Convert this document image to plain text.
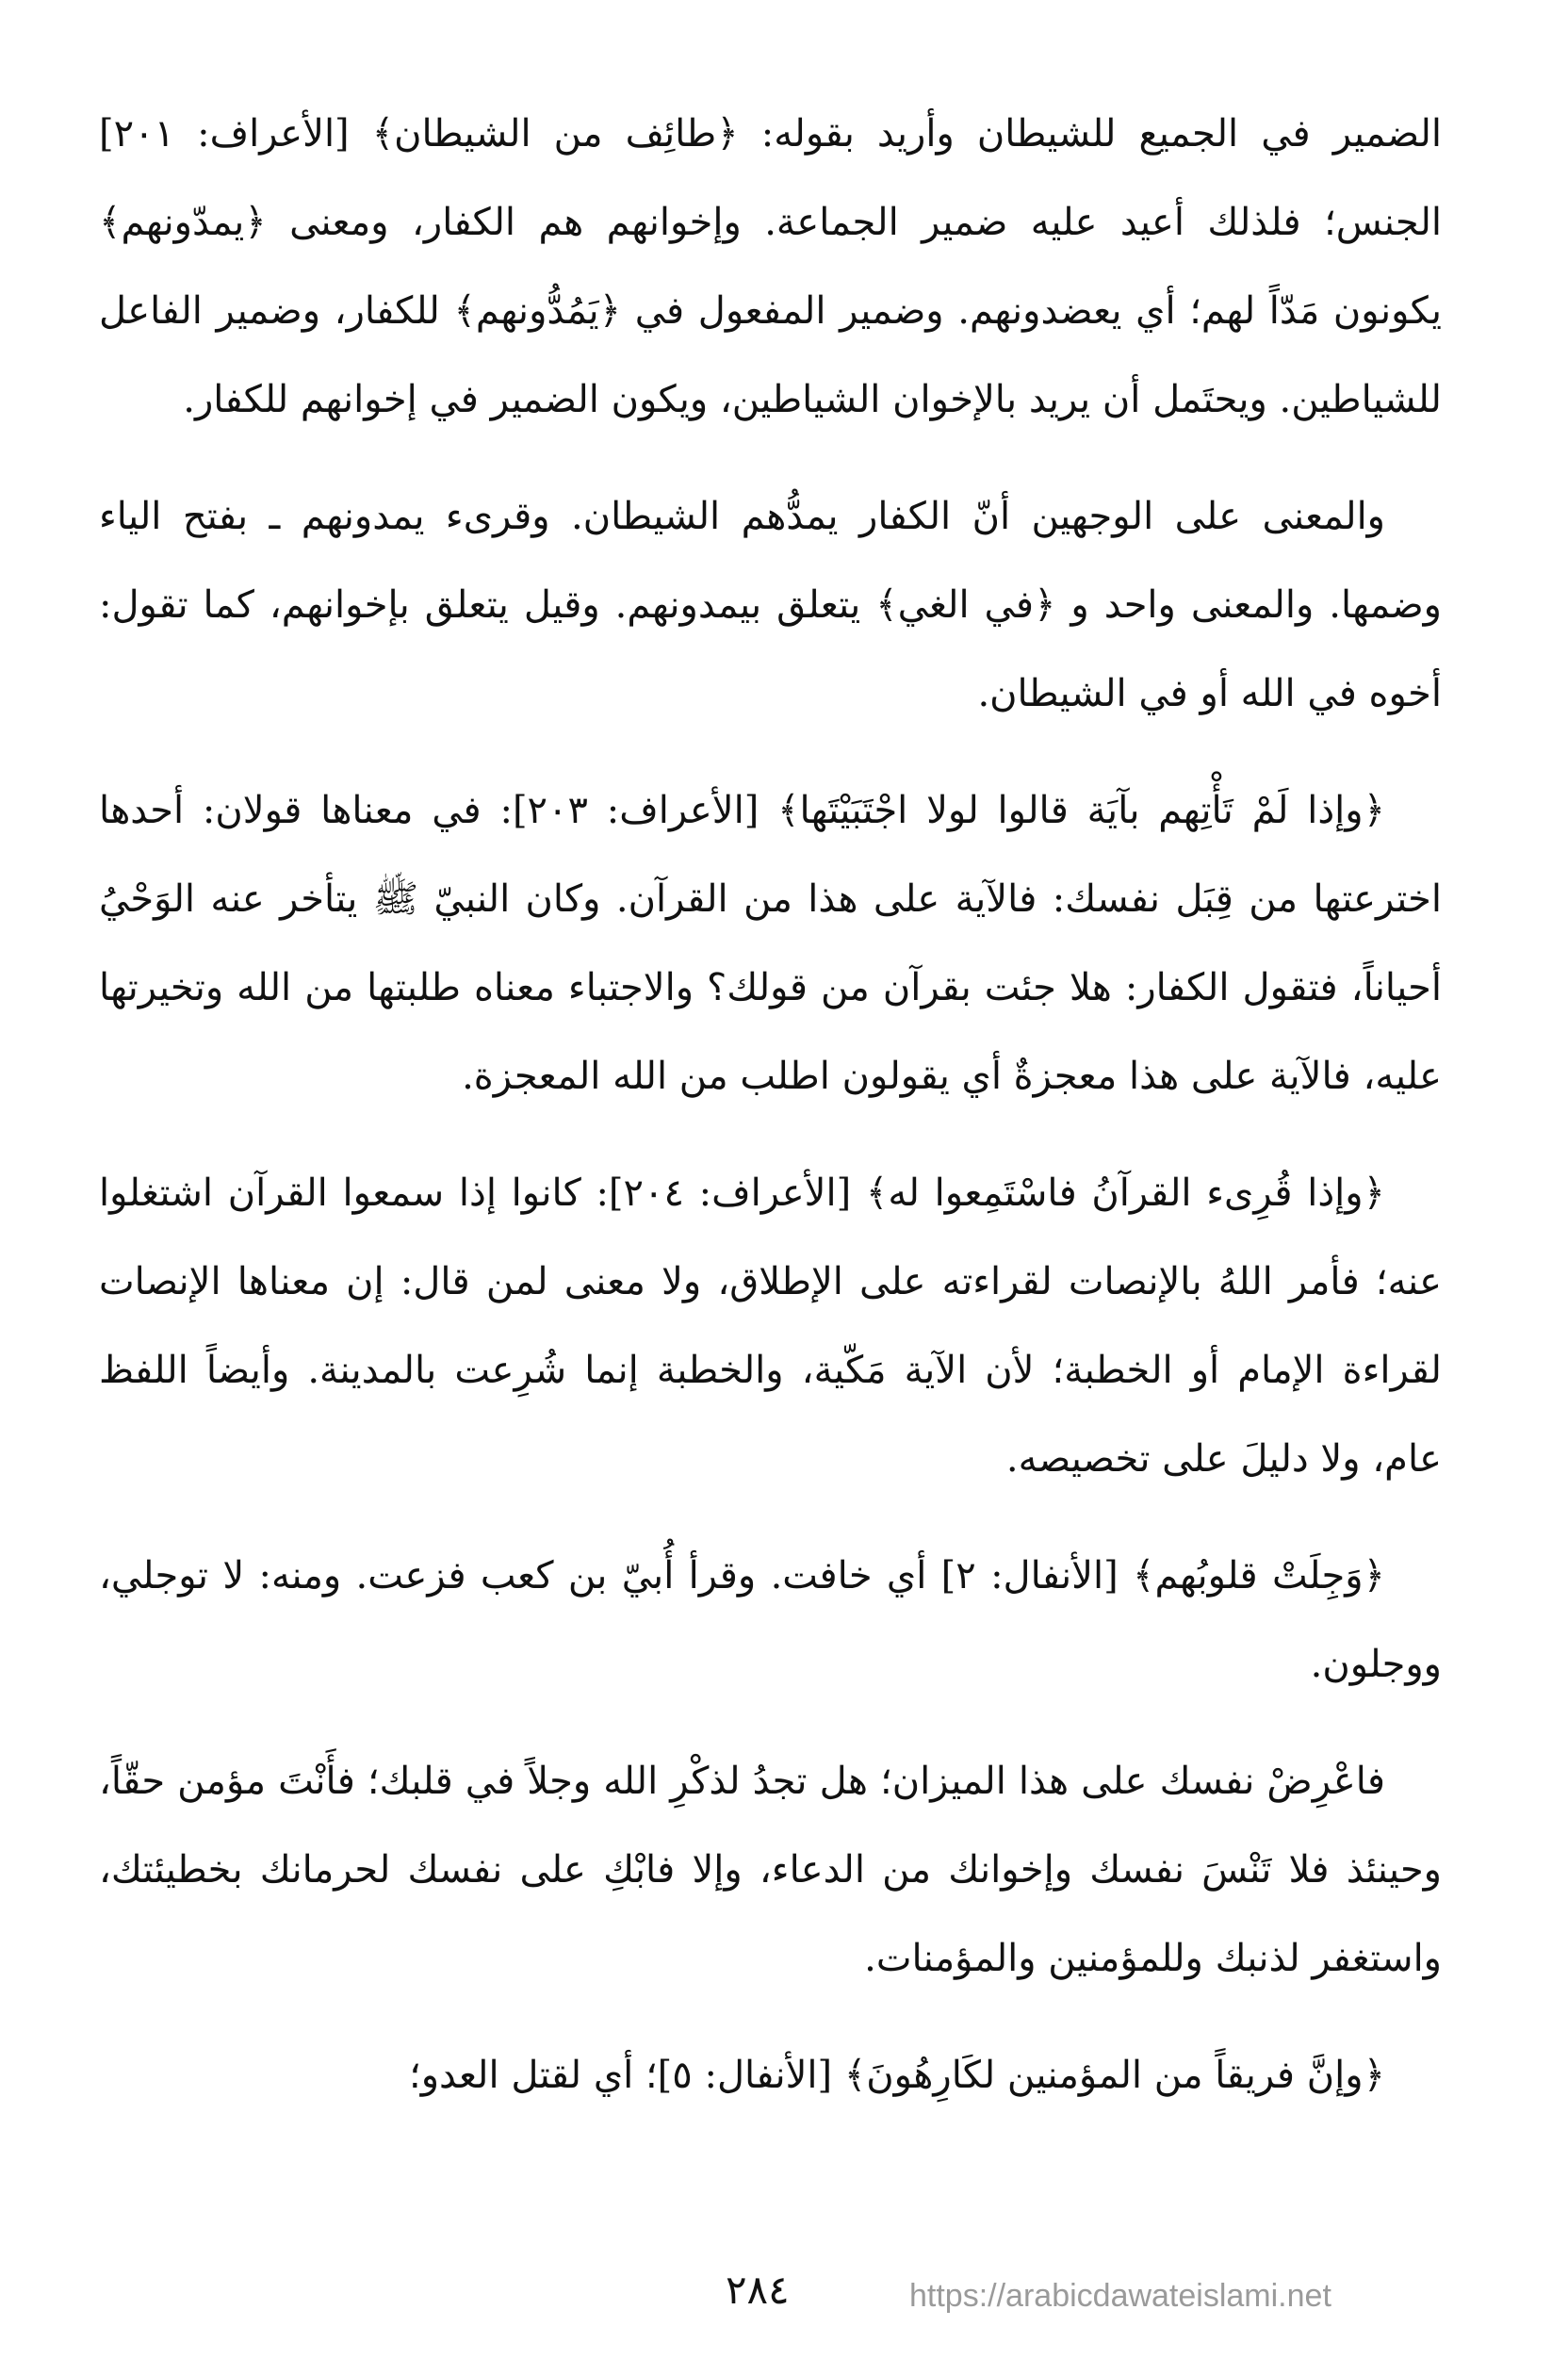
الضمير في الجميع للشيطان وأريد بقوله: ﴿طائِف من الشيطان﴾ [الأعراف: ٢٠١] الجنس؛ فلذلك أعيد عليه ضمير الجماعة. وإخوانهم هم الكفار، ومعنى ﴿يمدّونهم﴾ يكونون مَدّاً لهم؛ أي يعضدونهم. وضمير المفعول في ﴿يَمُدُّونهم﴾ للكفار، وضمير الفاعل للشياطين. ويحتَمل أن يريد بالإخوان الشياطين، ويكون الضمير في إخوانهم للكفار.

والمعنى على الوجهين أنّ الكفار يمدُّهم الشيطان. وقرىء يمدونهم ـ بفتح الياء وضمها. والمعنى واحد و ﴿في الغي﴾ يتعلق بيمدونهم. وقيل يتعلق بإخوانهم، كما تقول: أخوه في الله أو في الشيطان.

﴿وإذا لَمْ تَأْتِهم بآيَة قالوا لولا اجْتَبَيْتَها﴾ [الأعراف: ٢٠٣]: في معناها قولان: أحدها اخترعتها من قِبَل نفسك: فالآية على هذا من القرآن. وكان النبيّ ﷺ يتأخر عنه الوَحْيُ أحياناً، فتقول الكفار: هلا جئت بقرآن من قولك؟ والاجتباء معناه طلبتها من الله وتخيرتها عليه، فالآية على هذا معجزةٌ أي يقولون اطلب من الله المعجزة.

﴿وإذا قُرِىء القرآنُ فاسْتَمِعوا له﴾ [الأعراف: ٢٠٤]: كانوا إذا سمعوا القرآن اشتغلوا عنه؛ فأمر اللهُ بالإنصات لقراءته على الإطلاق، ولا معنى لمن قال: إن معناها الإنصات لقراءة الإمام أو الخطبة؛ لأن الآية مَكّية، والخطبة إنما شُرِعت بالمدينة. وأيضاً اللفظ عام، ولا دليلَ على تخصيصه.

﴿وَجِلَتْ قلوبُهم﴾ [الأنفال: ٢] أي خافت. وقرأ أُبيّ بن كعب فزعت. ومنه: لا توجلي، ووجلون.

فاعْرِضْ نفسك على هذا الميزان؛ هل تجدُ لذكْرِ الله وجلاً في قلبك؛ فأَنْتَ مؤمن حقّاً، وحينئذ فلا تَنْسَ نفسك وإخوانك من الدعاء، وإلا فابْكِ على نفسك لحرمانك بخطيئتك، واستغفر لذنبك وللمؤمنين والمؤمنات.

﴿وإنَّ فريقاً من المؤمنين لكَارِهُونَ﴾ [الأنفال: ٥]؛ أي لقتل العدو؛

٢٨٤	https://arabicdawateislami.net
